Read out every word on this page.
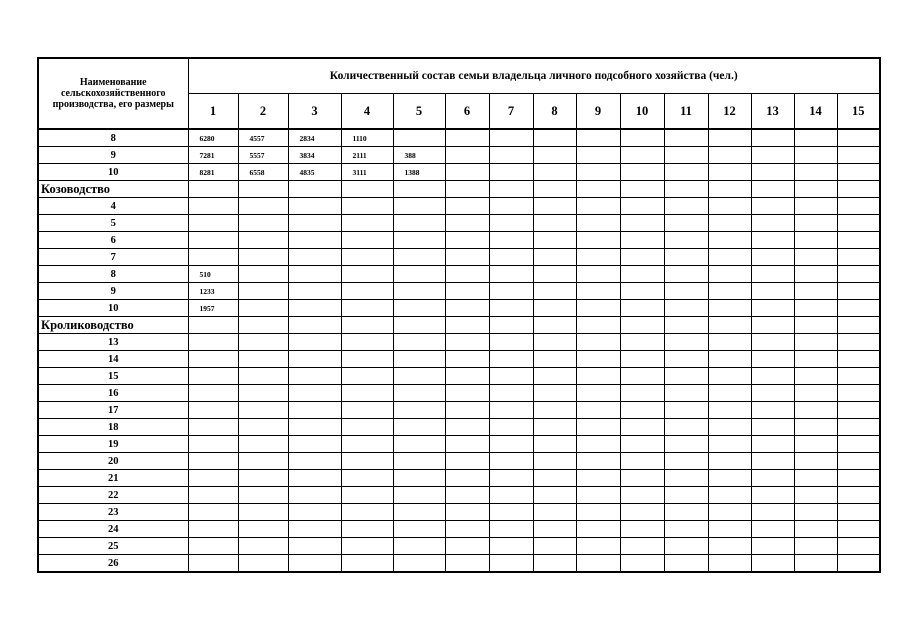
Наименование сельскохозяйственного производства, его размеры	Количественный состав семьи владельца личного подсобного хозяйства (чел.)														
	1	2	3	4	5	6	7	8	9	10	11	12	13	14	15
8	6280	4557	2834	1110											
9	7281	5557	3834	2111	388										
10	8281	6558	4835	3111	1388										
Козоводство															
4															
5															
6															
7															
8	510														
9	1233														
10	1957														
Кролиководство															
13															
14															
15															
16															
17															
18															
19															
20															
21															
22															
23															
24															
25															
26															
